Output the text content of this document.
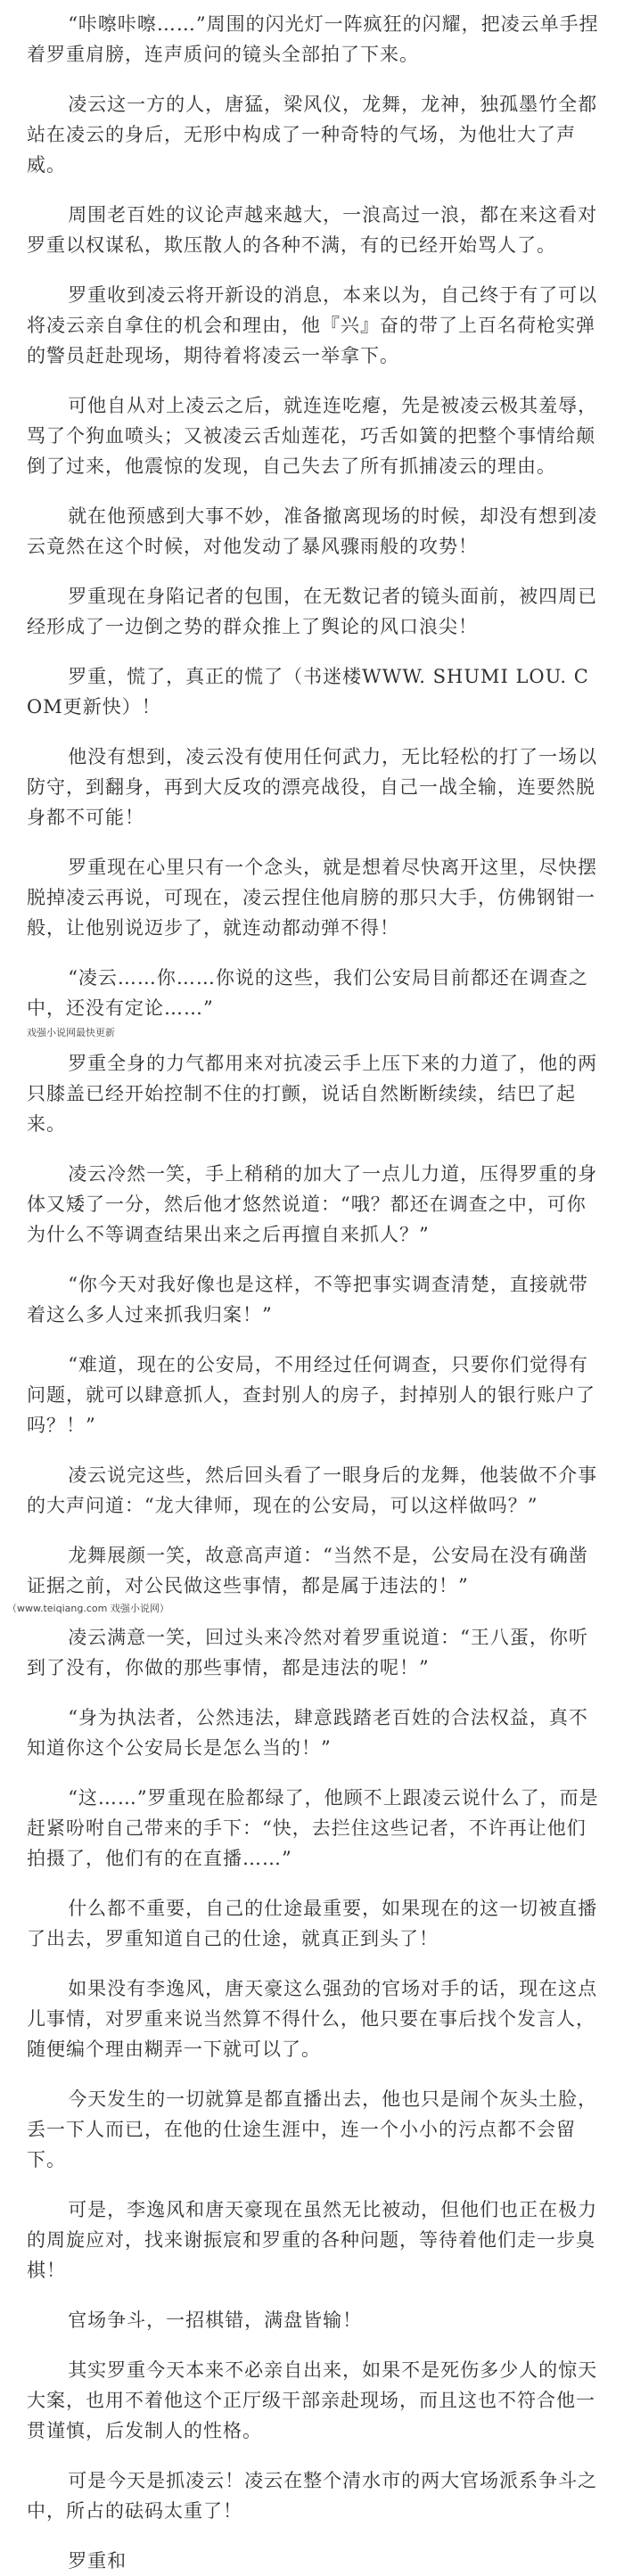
“咔嚓咔嚓……”周围的闪光灯一阵疯狂的闪耀，把凌云单手捏着罗重肩膀，连声质问的镜头全部拍了下来。

凌云这一方的人，唐猛，梁风仪，龙舞，龙神，独孤墨竹全都站在凌云的身后，无形中构成了一种奇特的气场，为他壮大了声威。

周围老百姓的议论声越来越大，一浪高过一浪，都在来这看对罗重以权谋私，欺压散人的各种不满，有的已经开始骂人了。

罗重收到凌云将开新设的消息，本来以为，自己终于有了可以将凌云亲自拿住的机会和理由，他『兴』奋的带了上百名荷枪实弹的警员赶赴现场，期待着将凌云一举拿下。

可他自从对上凌云之后，就连连吃瘪，先是被凌云极其羞辱，骂了个狗血喷头；又被凌云舌灿莲花，巧舌如簧的把整个事情给颠倒了过来，他震惊的发现，自己失去了所有抓捕凌云的理由。

就在他预感到大事不妙，准备撤离现场的时候，却没有想到凌云竟然在这个时候，对他发动了暴风骤雨般的攻势！

罗重现在身陷记者的包围，在无数记者的镜头面前，被四周已经形成了一边倒之势的群众推上了舆论的风口浪尖！

罗重，慌了，真正的慌了（书迷楼WWW. SHUMI LOU. COM更新快）！

他没有想到，凌云没有使用任何武力，无比轻松的打了一场以防守，到翻身，再到大反攻的漂亮战役，自己一战全输，连要然脱身都不可能！

罗重现在心里只有一个念头，就是想着尽快离开这里，尽快摆脱掉凌云再说，可现在，凌云捏住他肩膀的那只大手，仿佛钢钳一般，让他别说迈步了，就连动都动弹不得！

“凌云……你……你说的这些，我们公安局目前都还在调查之中，还没有定论……”

戏强小说网最快更新

罗重全身的力气都用来对抗凌云手上压下来的力道了，他的两只膝盖已经开始控制不住的打颤，说话自然断断续续，结巴了起来。

凌云冷然一笑，手上稍稍的加大了一点儿力道，压得罗重的身体又矮了一分，然后他才悠然说道：“哦？都还在调查之中，可你为什么不等调查结果出来之后再擅自来抓人？”

“你今天对我好像也是这样，不等把事实调查清楚，直接就带着这么多人过来抓我归案！”

“难道，现在的公安局，不用经过任何调查，只要你们觉得有问题，就可以肆意抓人，查封别人的房子，封掉别人的银行账户了吗？！”

凌云说完这些，然后回头看了一眼身后的龙舞，他装做不介事的大声问道：“龙大律师，现在的公安局，可以这样做吗？”

龙舞展颜一笑，故意高声道：“当然不是，公安局在没有确凿证据之前，对公民做这些事情，都是属于违法的！”

（www.teiqiang.com 戏强小说网）

凌云满意一笑，回过头来冷然对着罗重说道：“王八蛋，你听到了没有，你做的那些事情，都是违法的呢！”

“身为执法者，公然违法，肆意践踏老百姓的合法权益，真不知道你这个公安局长是怎么当的！”

“这……”罗重现在脸都绿了，他顾不上跟凌云说什么了，而是赶紧吩咐自己带来的手下：“快，去拦住这些记者，不许再让他们拍摄了，他们有的在直播……”

什么都不重要，自己的仕途最重要，如果现在的这一切被直播了出去，罗重知道自己的仕途，就真正到头了！

如果没有李逸风，唐天豪这么强劲的官场对手的话，现在这点儿事情，对罗重来说当然算不得什么，他只要在事后找个发言人，随便编个理由糊弄一下就可以了。

今天发生的一切就算是都直播出去，他也只是闹个灰头土脸，丢一下人而已，在他的仕途生涯中，连一个小小的污点都不会留下。

可是，李逸风和唐天豪现在虽然无比被动，但他们也正在极力的周旋应对，找来谢振宸和罗重的各种问题，等待着他们走一步臭棋！

官场争斗，一招棋错，满盘皆输！

其实罗重今天本来不必亲自出来，如果不是死伤多少人的惊天大案，也用不着他这个正厅级干部亲赴现场，而且这也不符合他一贯谨慎，后发制人的性格。

可是今天是抓凌云！凌云在整个清水市的两大官场派系争斗之中，所占的砝码太重了！

罗重和
